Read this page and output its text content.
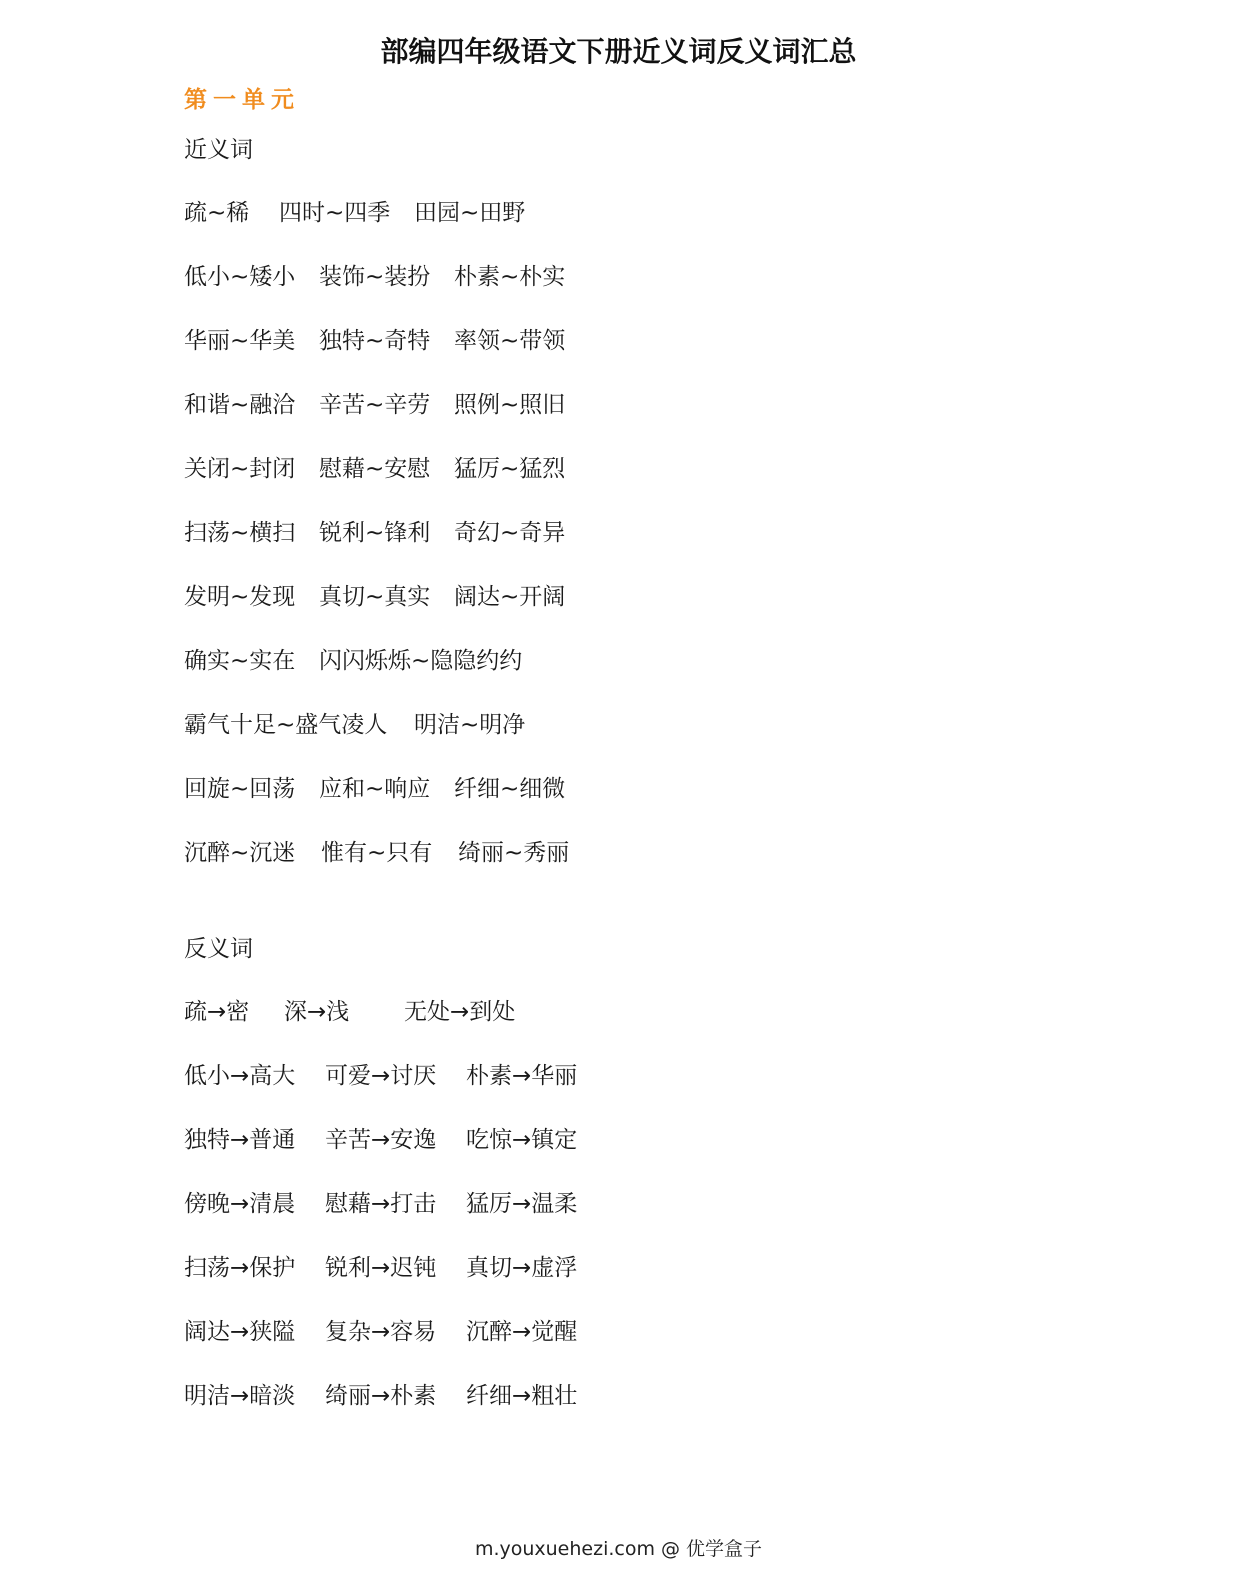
部编四年级语文下册近义词反义词汇总
第一单元
近义词
疏~稀 四时~四季 田园~田野
低小~矮小 装饰~装扮 朴素~朴实
华丽~华美 独特~奇特 率领~带领
和谐~融洽 辛苦~辛劳 照例~照旧
关闭~封闭 慰藉~安慰 猛厉~猛烈
扫荡~横扫 锐利~锋利 奇幻~奇异
发明~发现 真切~真实 阔达~开阔
确实~实在 闪闪烁烁~隐隐约约
霸气十足~盛气凌人 明洁~明净
回旋~回荡 应和~响应 纤细~细微
沉醉~沉迷 惟有~只有 绮丽~秀丽
反义词
疏→密 深→浅 无处→到处
低小→高大 可爱→讨厌 朴素→华丽
独特→普通 辛苦→安逸 吃惊→镇定
傍晚→清晨 慰藉→打击 猛厉→温柔
扫荡→保护 锐利→迟钝 真切→虚浮
阔达→狭隘 复杂→容易 沉醉→觉醒
明洁→暗淡 绮丽→朴素 纤细→粗壮
m.youxuehezi.com @ 优学盒子
